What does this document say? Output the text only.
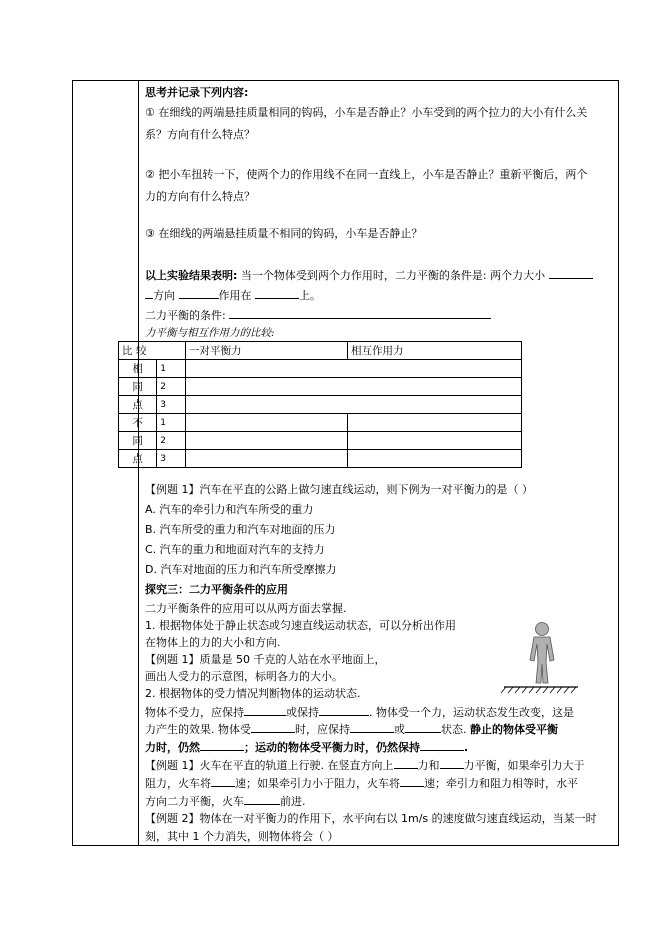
思考并记录下列内容:
① 在细线的两端悬挂质量相同的钩码，小车是否静止？小车受到的两个拉力的大小有什么关
系？方向有什么特点？
② 把小车扭转一下，使两个力的作用线不在同一直线上，小车是否静止？重新平衡后，两个
力的方向有什么特点？
③ 在细线的两端悬挂质量不相同的钩码，小车是否静止？
以上实验结果表明: 当一个物体受到两个力作用时，二力平衡的条件是: 两个力大小
方向	作用在	上。
二力平衡的条件:
力平衡与相互作用力的比较:
比 较		一对平衡力	相互作用力
相	1		
同	2		
点	3		
不	1		
同	2		
点	3		
【例题 1】汽车在平直的公路上做匀速直线运动，则下例为一对平衡力的是（ ）
A. 汽车的牵引力和汽车所受的重力
B. 汽车所受的重力和汽车对地面的压力
C. 汽车的重力和地面对汽车的支持力
D. 汽车对地面的压力和汽车所受摩擦力
探究三：二力平衡条件的应用
二力平衡条件的应用可以从两方面去掌握.
1. 根据物体处于静止状态或匀速直线运动状态，可以分析出作用
在物体上的力的大小和方向.
【例题 1】质量是 50 千克的人站在水平地面上，
画出人受力的示意图，标明各力的大小。
2. 根据物体的受力情况判断物体的运动状态.
物体不受力，应保持	或保持	. 物体受一个力，运动状态发生改变，这是
力产生的效果. 物体受	时，应保持	或	状态. 静止的物体受平衡
力时，仍然	；运动的物体受平衡力时，仍然保持	.
【例题 1】火车在平直的轨道上行驶. 在竖直方向上 力和 力平衡，如果牵引力大于
阻力，火车将 速；如果牵引力小于阻力，火车将 速；牵引力和阻力相等时，水平
方向二力平衡，火车	前进.
【例题 2】物体在一对平衡力的作用下，水平向右以 1m/s 的速度做匀速直线运动，当某一时
刻，其中 1 个力消失，则物体将会（ ）
